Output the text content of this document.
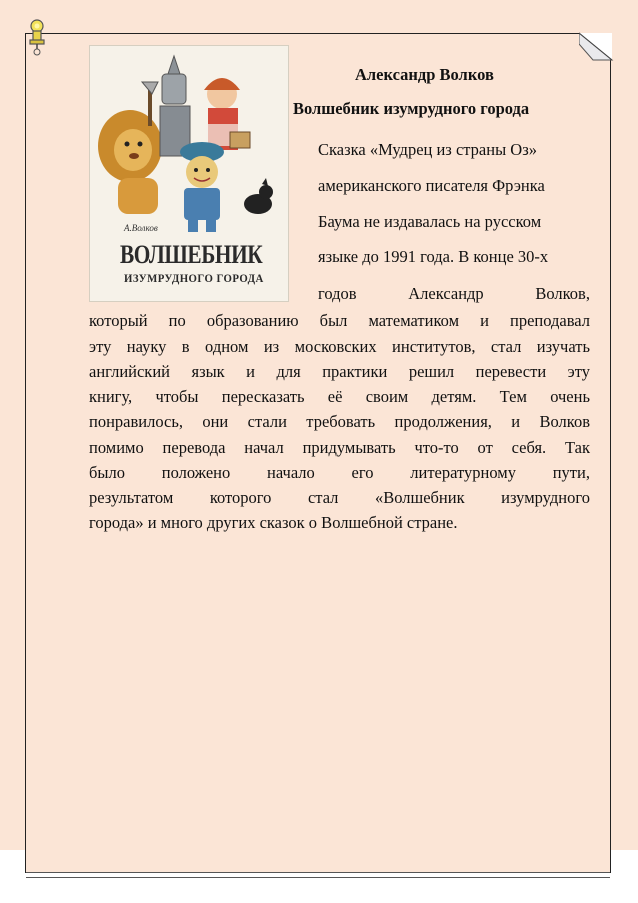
А.Волков
ВОЛШЕБНИК
ИЗУМРУДНОГО ГОРОДА
Александр Волков
Волшебник изумрудного города
Сказка «Мудрец из страны Оз»
американского писателя Фрэнка
Баума не издавалась на русском
языке до 1991 года. В конце 30-х
годов	Александр	Волков,
который по образованию был математиком и преподавал
эту науку в одном из московских институтов, стал изучать
английский язык и для практики решил перевести эту
книгу, чтобы пересказать её своим детям. Тем очень
понравилось, они стали требовать продолжения, и Волков
помимо перевода начал придумывать что-то от себя. Так
было положено начало его литературному пути,
результатом которого стал «Волшебник изумрудного
города» и много других сказок о Волшебной стране.
